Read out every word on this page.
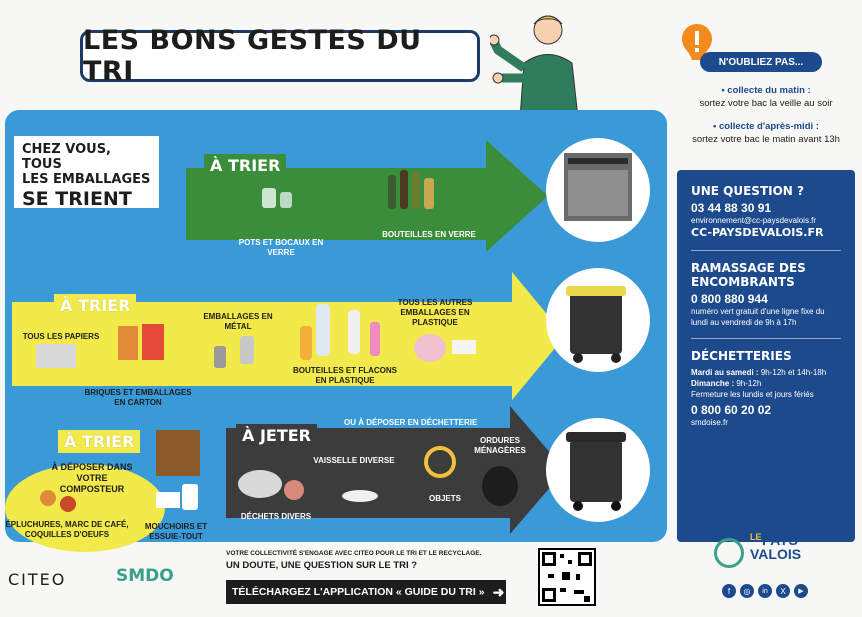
LES BONS GESTES DU TRI	N'OUBLIEZ PAS...
• collecte du matin :
sortez votre bac la veille au soir
• collecte d'après-midi :
sortez votre bac le matin avant 13h
CHEZ VOUS, TOUS
LES EMBALLAGES
SE TRIENT
À TRIER
POTS ET BOCAUX EN VERRE
BOUTEILLES EN VERRE
À TRIER
TOUS LES PAPIERS
BRIQUES ET EMBALLAGES EN CARTON
EMBALLAGES EN MÉTAL
BOUTEILLES ET FLACONS EN PLASTIQUE
TOUS LES AUTRES EMBALLAGES EN PLASTIQUE
À TRIER
À DÉPOSER DANS VOTRE COMPOSTEUR
ÉPLUCHURES, MARC DE CAFÉ, COQUILLES D'OEUFS
MOUCHOIRS ET ESSUIE-TOUT
À JETER
OU À DÉPOSER EN DÉCHETTERIE
VAISSELLE DIVERSE
ORDURES MÉNAGÈRES
OBJETS
DÉCHETS DIVERS
UNE QUESTION ?
03 44 88 30 91
environnement@cc-paysdevalois.fr
CC-PAYSDEVALOIS.FR
RAMASSAGE DES ENCOMBRANTS
0 800 880 944
numéro vert gratuit d'une ligne fixe du lundi au vendredi de 9h à 17h
DÉCHETTERIES
Mardi au samedi : 9h-12h et 14h-18h
Dimanche : 9h-12h
Fermeture les lundis et jours fériés
0 800 60 20 02
smdoise.fr
CITEO	SMDO
VOTRE COLLECTIVITÉ S'ENGAGE AVEC CITEO POUR LE TRI ET LE RECYCLAGE.
UN DOUTE, UNE QUESTION SUR LE TRI ?
TÉLÉCHARGEZ L'APPLICATION « GUIDE DU TRI » ➜
LE PAYS
VALOIS
f	◎	in	X	▶
